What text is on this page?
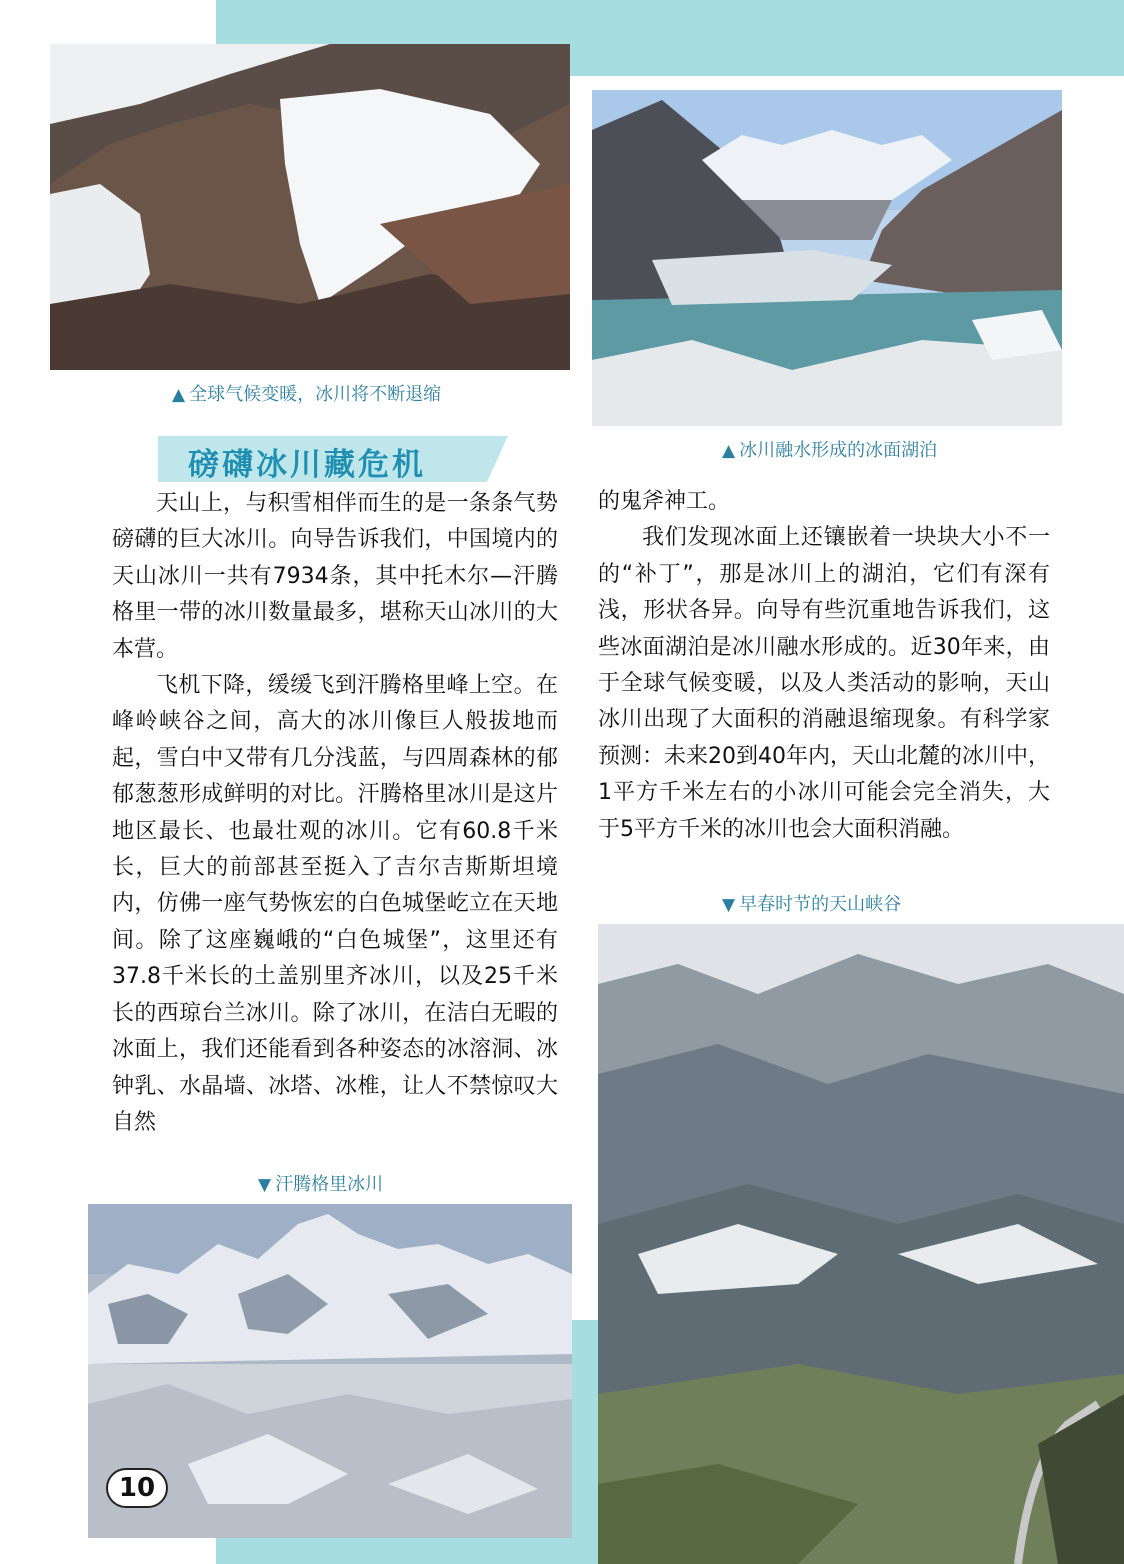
▲ 全球气候变暖，冰川将不断退缩
▲ 冰川融水形成的冰面湖泊
磅礴冰川藏危机

天山上，与积雪相伴而生的是一条条气势磅礴的巨大冰川。向导告诉我们，中国境内的天山冰川一共有7934条，其中托木尔—汗腾格里一带的冰川数量最多，堪称天山冰川的大本营。

飞机下降，缓缓飞到汗腾格里峰上空。在峰岭峡谷之间，高大的冰川像巨人般拔地而起，雪白中又带有几分浅蓝，与四周森林的郁郁葱葱形成鲜明的对比。汗腾格里冰川是这片地区最长、也最壮观的冰川。它有60.8千米长，巨大的前部甚至挺入了吉尔吉斯斯坦境内，仿佛一座气势恢宏的白色城堡屹立在天地间。除了这座巍峨的“白色城堡”，这里还有37.8千米长的土盖别里齐冰川，以及25千米长的西琼台兰冰川。除了冰川，在洁白无暇的冰面上，我们还能看到各种姿态的冰溶洞、冰钟乳、水晶墙、冰塔、冰椎，让人不禁惊叹大自然

的鬼斧神工。

我们发现冰面上还镶嵌着一块块大小不一的“补丁”，那是冰川上的湖泊，它们有深有浅，形状各异。向导有些沉重地告诉我们，这些冰面湖泊是冰川融水形成的。近30年来，由于全球气候变暖，以及人类活动的影响，天山冰川出现了大面积的消融退缩现象。有科学家预测：未来20到40年内，天山北麓的冰川中，1平方千米左右的小冰川可能会完全消失，大于5平方千米的冰川也会大面积消融。

▼ 早春时节的天山峡谷
▼ 汗腾格里冰川
10
